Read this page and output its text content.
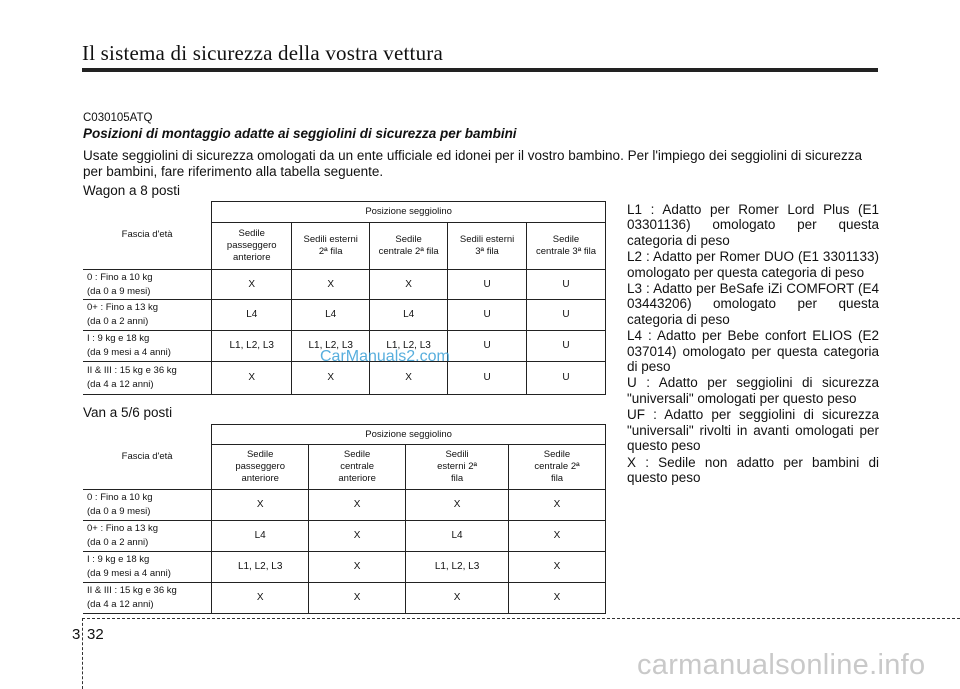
Il sistema di sicurezza della vostra vettura
C030105ATQ
Posizioni di montaggio adatte ai seggiolini di sicurezza per bambini
Usate seggiolini di sicurezza omologati da un ente ufficiale ed idonei per il vostro bambino. Per l'impiego dei seggiolini di sicurezza per bambini, fare riferimento alla tabella seguente.
Wagon a 8 posti
Fascia d'età	Posizione seggiolino				
	Sedile passeggero anteriore	Sedili esterni 2ª fila	Sedile centrale 2ª fila	Sedili esterni 3ª fila	Sedile centrale 3ª fila

0 : Fino a 10 kg
(da 0 a 9 mesi)	X	X	X	U	U

0+ : Fino a 13 kg
(da 0 a 2 anni)	L4	L4	L4	U	U

I : 9 kg e 18 kg
(da 9 mesi a 4 anni)	L1, L2, L3	L1, L2, L3	L1, L2, L3	U	U

II & III : 15 kg e 36 kg
(da 4 a 12 anni)	X	X	X	U	U
Van a 5/6 posti
Fascia d'età	Posizione seggiolino			
	Sedile passeggero anteriore	Sedile centrale anteriore	Sedili esterni 2ª fila	Sedile centrale 2ª fila

0 : Fino a 10 kg
(da 0 a 9 mesi)	X	X	X	X

0+ : Fino a 13 kg
(da 0 a 2 anni)	L4	X	L4	X

I : 9 kg e 18 kg
(da 9 mesi a 4 anni)	L1, L2, L3	X	L1, L2, L3	X

II & III : 15 kg e 36 kg
(da 4 a 12 anni)	X	X	X	X

L1 : Adatto per Romer Lord Plus (E1 03301136) omologato per questa categoria di peso

L2 : Adatto per Romer DUO (E1 3301133) omologato per questa categoria di peso

L3 : Adatto per BeSafe iZi COMFORT (E4 03443206) omologato per questa categoria di peso

L4 : Adatto per Bebe confort ELIOS (E2 037014) omologato per questa categoria di peso

U : Adatto per seggiolini di sicurezza "universali" omologati per questo peso

UF : Adatto per seggiolini di sicurezza "universali" rivolti in avanti omologati per questo peso

X : Sedile non adatto per bambini di questo peso

CarManuals2.com
3 32
carmanualsonline.info
